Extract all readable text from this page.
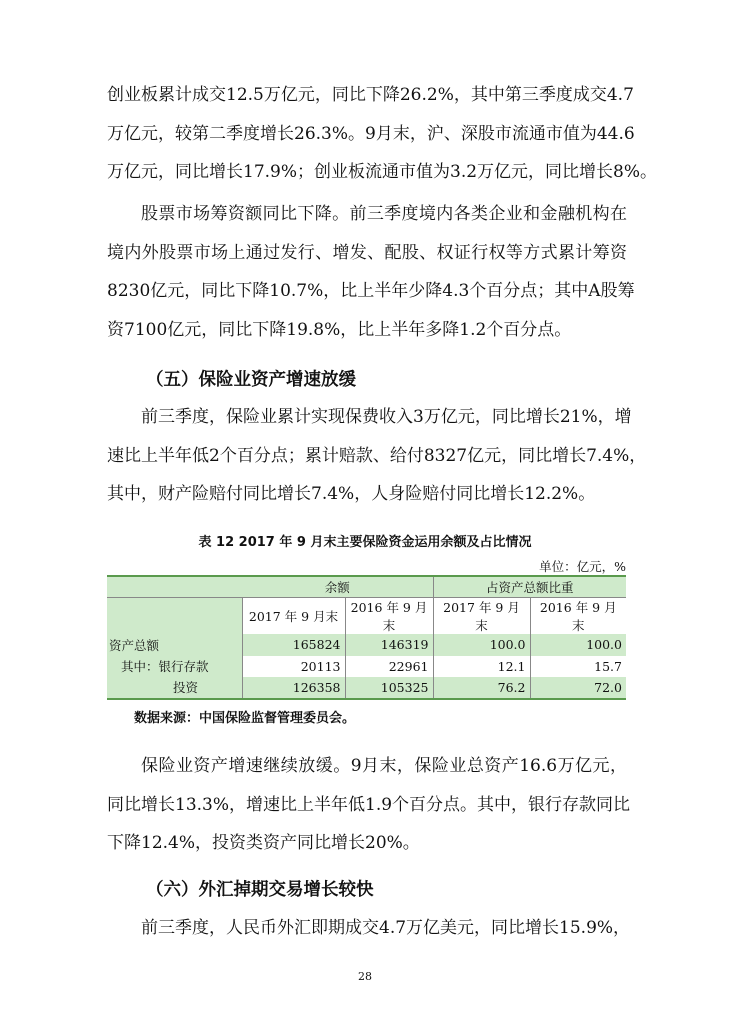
创业板累计成交12.5万亿元，同比下降26.2%，其中第三季度成交4.7
万亿元，较第二季度增长26.3%。9月末，沪、深股市流通市值为44.6
万亿元，同比增长17.9%；创业板流通市值为3.2万亿元，同比增长8%。

股票市场筹资额同比下降。前三季度境内各类企业和金融机构在
境内外股票市场上通过发行、增发、配股、权证行权等方式累计筹资
8230亿元，同比下降10.7%，比上半年少降4.3个百分点；其中A股筹
资7100亿元，同比下降19.8%，比上半年多降1.2个百分点。

（五）保险业资产增速放缓

前三季度，保险业累计实现保费收入3万亿元，同比增长21%，增
速比上半年低2个百分点；累计赔款、给付8327亿元，同比增长7.4%，
其中，财产险赔付同比增长7.4%，人身险赔付同比增长12.2%。

表 12 2017 年 9 月末主要保险资金运用余额及占比情况
单位：亿元，%
	余额		占资产总额比重	
	2017 年 9 月末	2016 年 9 月末	2017 年 9 月末	2016 年 9 月末
资产总额	165824	146319	100.0	100.0
其中：银行存款	20113	22961	12.1	15.7
投资	126358	105325	76.2	72.0
数据来源：中国保险监督管理委员会。

保险业资产增速继续放缓。9月末，保险业总资产16.6万亿元，
同比增长13.3%，增速比上半年低1.9个百分点。其中，银行存款同比
下降12.4%，投资类资产同比增长20%。

（六）外汇掉期交易增长较快

前三季度，人民币外汇即期成交4.7万亿美元，同比增长15.9%，

28
